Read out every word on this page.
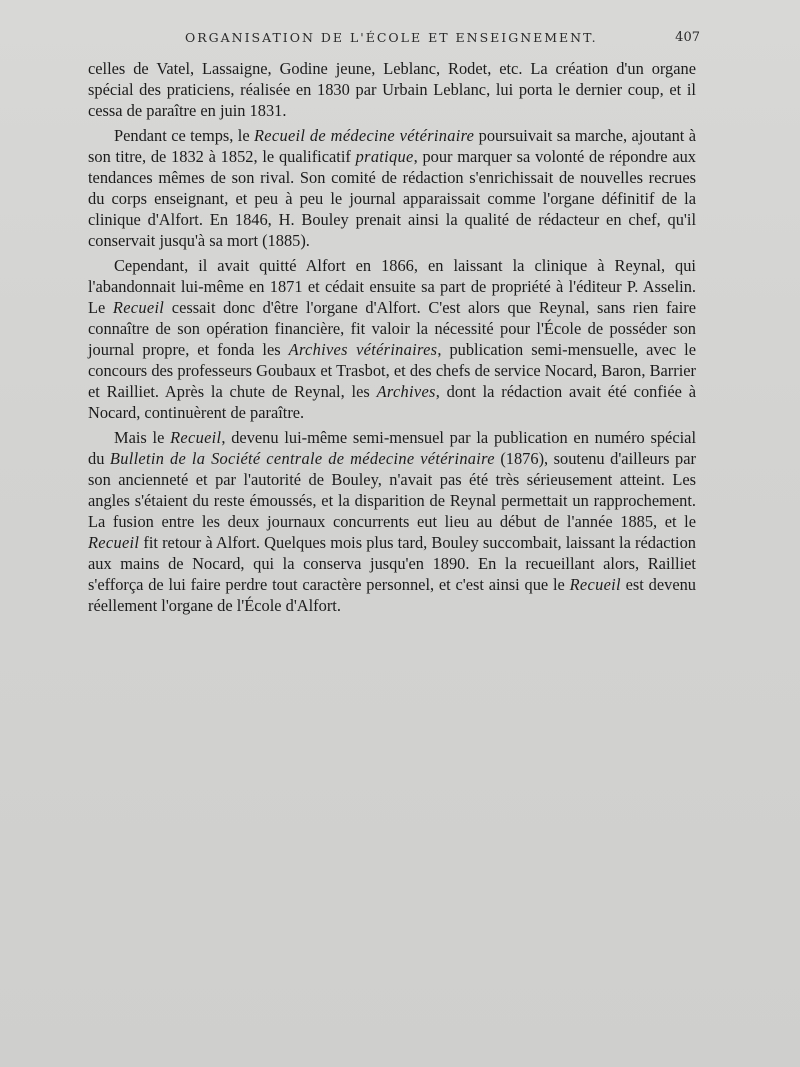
ORGANISATION DE L'ÉCOLE ET ENSEIGNEMENT.	407

celles de Vatel, Lassaigne, Godine jeune, Leblanc, Rodet, etc. La création d'un organe spécial des praticiens, réalisée en 1830 par Urbain Leblanc, lui porta le dernier coup, et il cessa de paraître en juin 1831.

Pendant ce temps, le Recueil de médecine vétérinaire poursuivait sa marche, ajoutant à son titre, de 1832 à 1852, le qualificatif pratique, pour marquer sa volonté de répondre aux tendances mêmes de son rival. Son comité de rédaction s'enrichissait de nouvelles recrues du corps enseignant, et peu à peu le journal apparaissait comme l'organe définitif de la clinique d'Alfort. En 1846, H. Bouley prenait ainsi la qualité de rédacteur en chef, qu'il conservait jusqu'à sa mort (1885).

Cependant, il avait quitté Alfort en 1866, en laissant la clinique à Reynal, qui l'abandonnait lui-même en 1871 et cédait ensuite sa part de propriété à l'éditeur P. Asselin. Le Recueil cessait donc d'être l'organe d'Alfort. C'est alors que Reynal, sans rien faire connaître de son opération financière, fit valoir la nécessité pour l'École de posséder son journal propre, et fonda les Archives vétérinaires, publication semi-mensuelle, avec le concours des professeurs Goubaux et Trasbot, et des chefs de service Nocard, Baron, Barrier et Railliet. Après la chute de Reynal, les Archives, dont la rédaction avait été confiée à Nocard, continuèrent de paraître.

Mais le Recueil, devenu lui-même semi-mensuel par la publication en numéro spécial du Bulletin de la Société centrale de médecine vétérinaire (1876), soutenu d'ailleurs par son ancienneté et par l'autorité de Bouley, n'avait pas été très sérieusement atteint. Les angles s'étaient du reste émoussés, et la disparition de Reynal permettait un rapprochement. La fusion entre les deux journaux concurrents eut lieu au début de l'année 1885, et le Recueil fit retour à Alfort. Quelques mois plus tard, Bouley succombait, laissant la rédaction aux mains de Nocard, qui la conserva jusqu'en 1890. En la recueillant alors, Railliet s'efforça de lui faire perdre tout caractère personnel, et c'est ainsi que le Recueil est devenu réellement l'organe de l'École d'Alfort.
